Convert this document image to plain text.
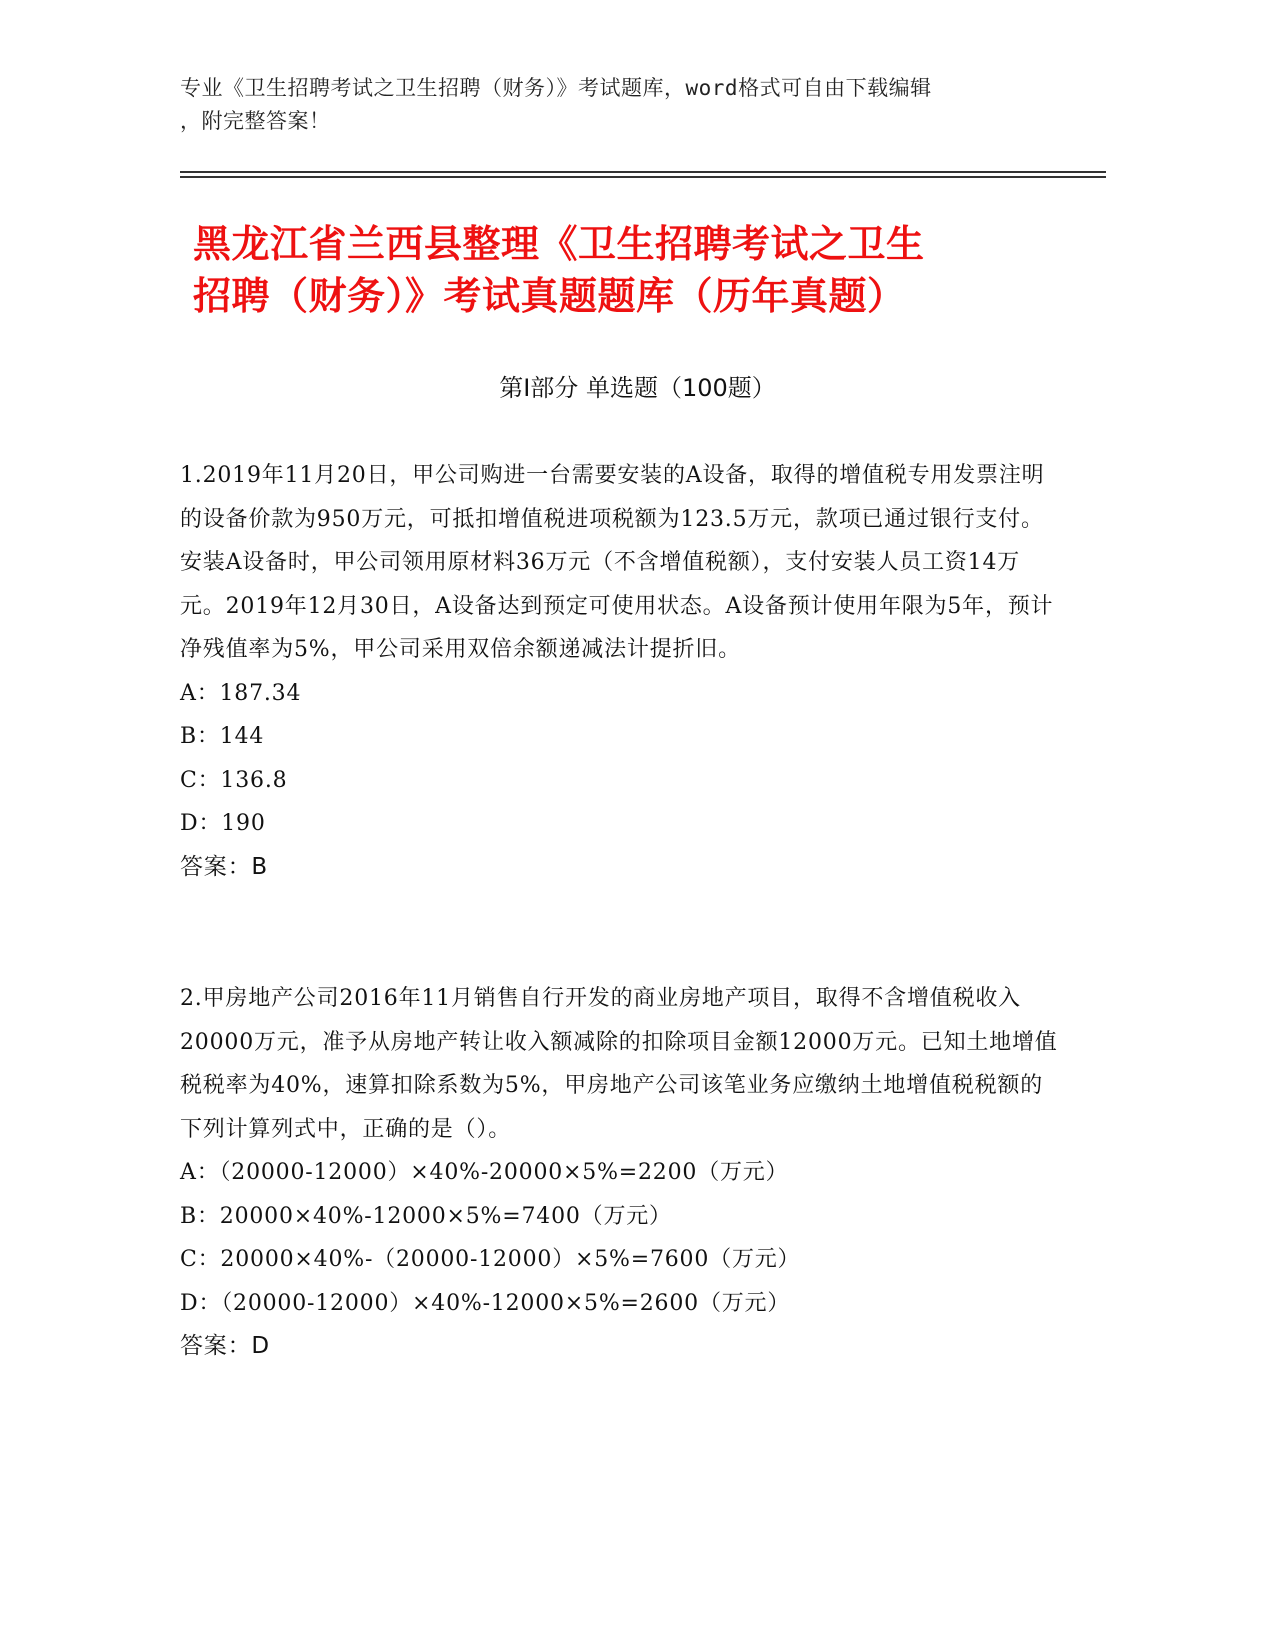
专业《卫生招聘考试之卫生招聘（财务）》考试题库，word格式可自由下载编辑
，附完整答案！
黑龙江省兰西县整理《卫生招聘考试之卫生
招聘（财务）》考试真题题库（历年真题）
第Ⅰ部分 单选题（100题）

1.2019年11月20日，甲公司购进一台需要安装的A设备，取得的增值税专用发票注明的设备价款为950万元，可抵扣增值税进项税额为123.5万元，款项已通过银行支付。安装A设备时，甲公司领用原材料36万元（不含增值税额），支付安装人员工资14万元。2019年12月30日，A设备达到预定可使用状态。A设备预计使用年限为5年，预计净残值率为5%，甲公司采用双倍余额递减法计提折旧。

A：187.34

B：144

C：136.8

D：190

答案：B

2.甲房地产公司2016年11月销售自行开发的商业房地产项目，取得不含增值税收入20000万元，准予从房地产转让收入额减除的扣除项目金额12000万元。已知土地增值税税率为40%，速算扣除系数为5%，甲房地产公司该笔业务应缴纳土地增值税税额的下列计算列式中，正确的是（）。

A：（20000-12000）×40%-20000×5%=2200（万元）

B：20000×40%-12000×5%=7400（万元）

C：20000×40%-（20000-12000）×5%=7600（万元）

D：（20000-12000）×40%-12000×5%=2600（万元）

答案：D
